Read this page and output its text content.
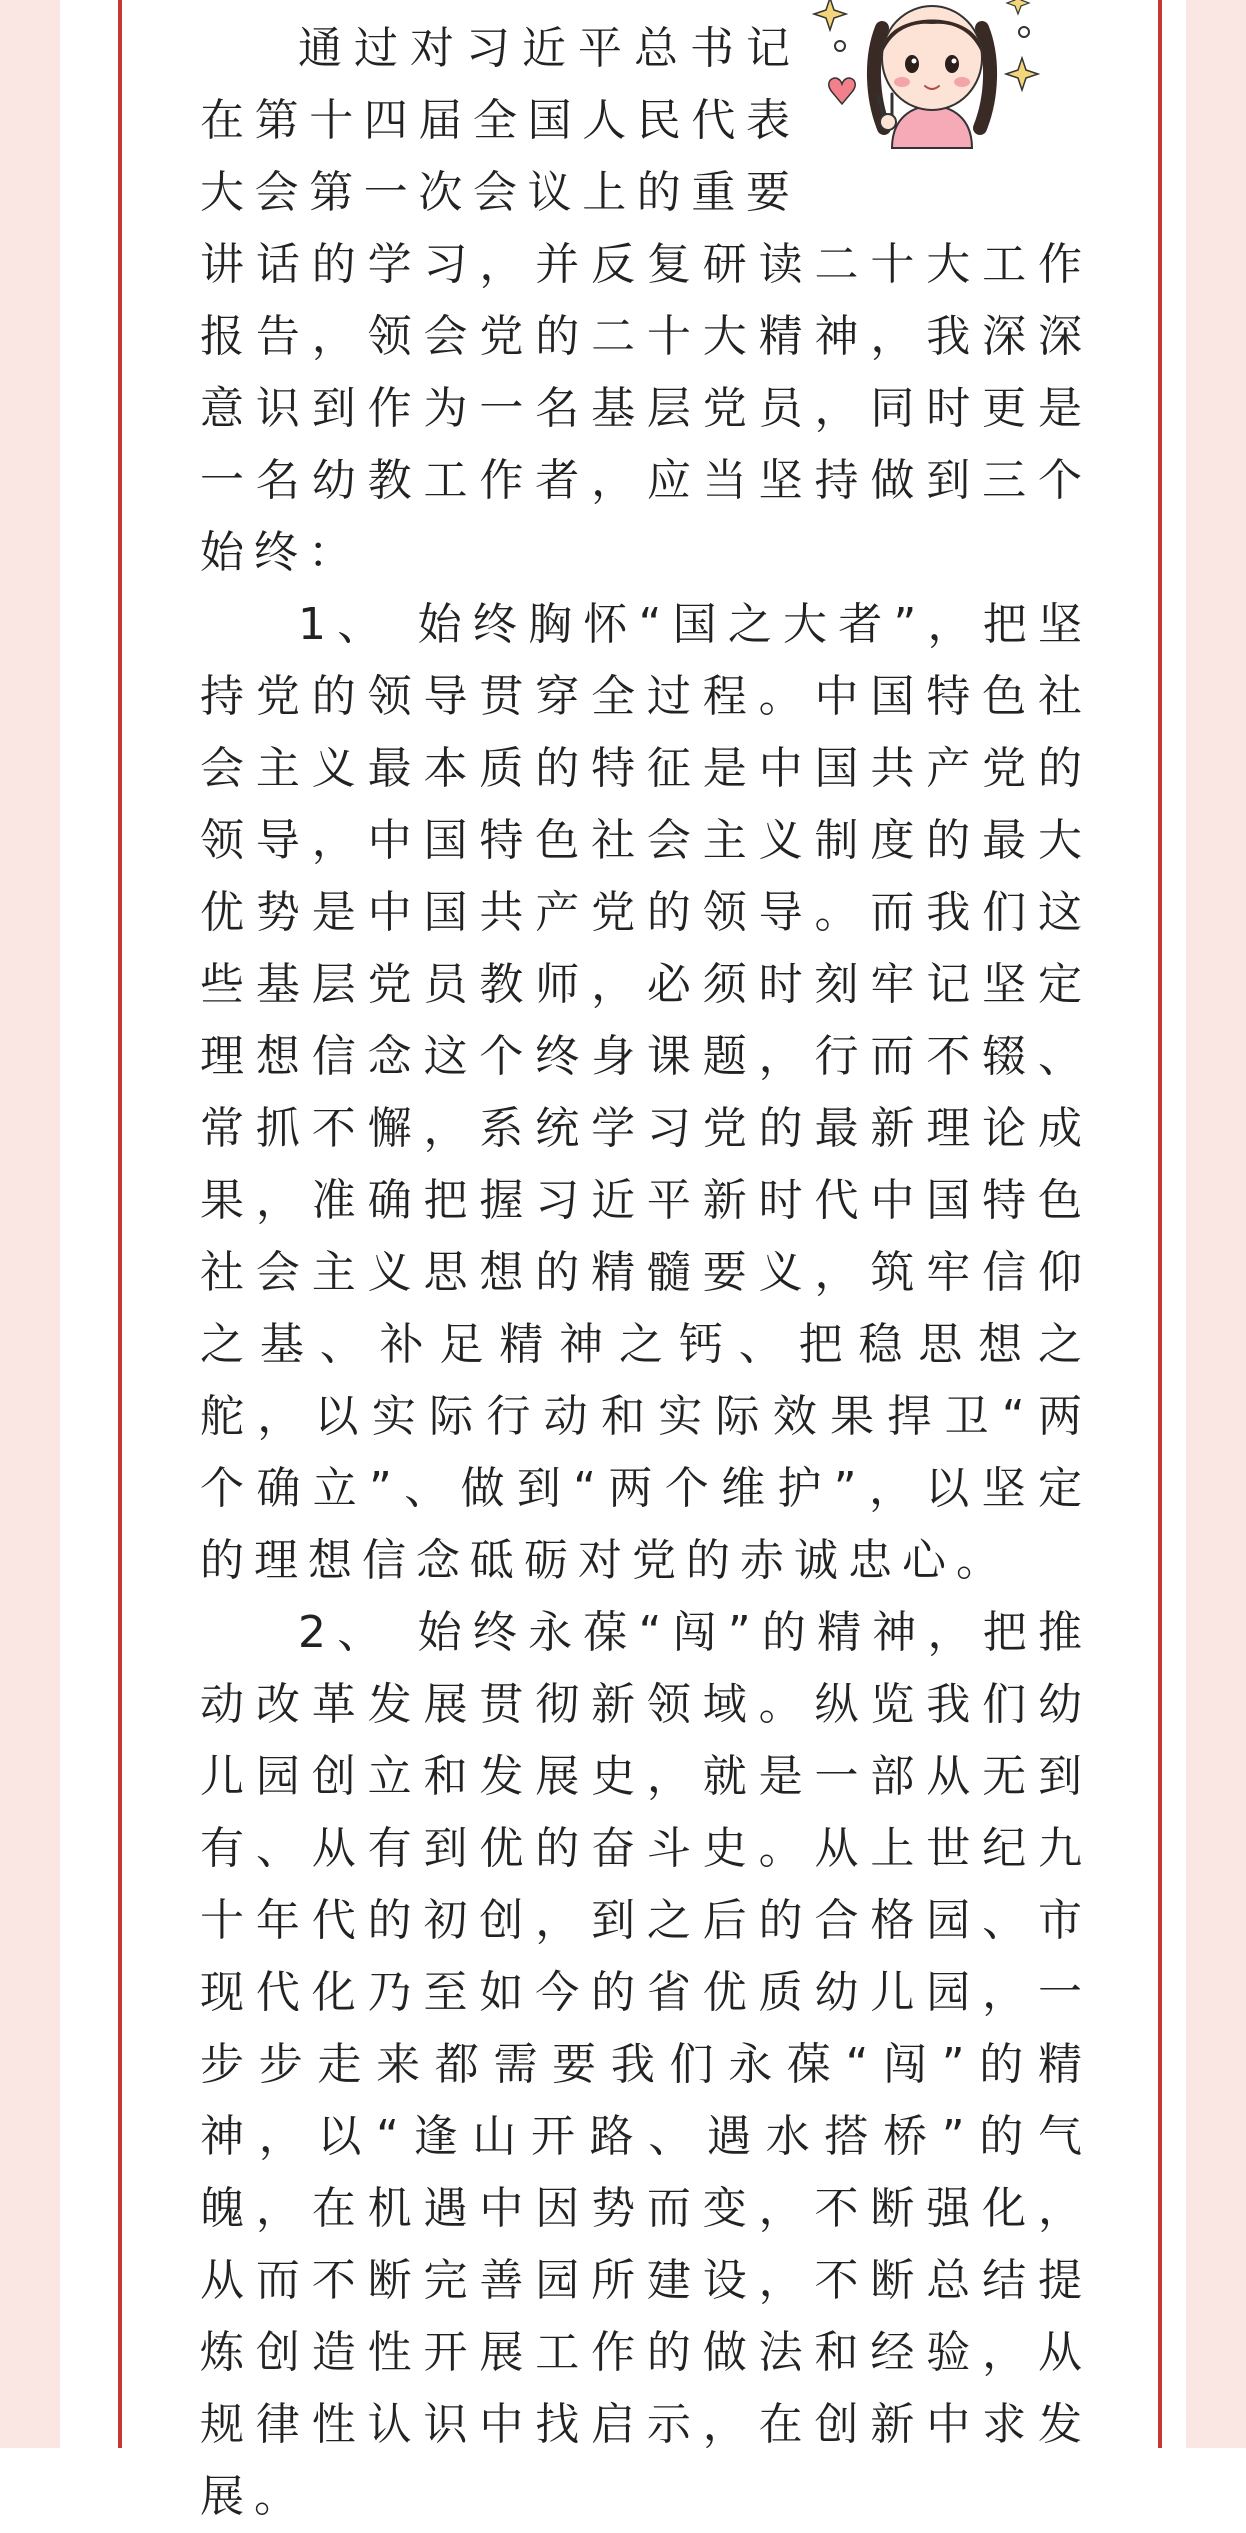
通过对习近平总书记在第十四届全国人民代表大会第一次会议上的重要讲话的学习，并反复研读二十大工作报告，领会党的二十大精神，我深深意识到作为一名基层党员，同时更是一名幼教工作者，应当坚持做到三个始终：

1、 始终胸怀“国之大者”，把坚持党的领导贯穿全过程。中国特色社会主义最本质的特征是中国共产党的领导，中国特色社会主义制度的最大优势是中国共产党的领导。而我们这些基层党员教师，必须时刻牢记坚定理想信念这个终身课题，行而不辍、常抓不懈，系统学习党的最新理论成果，准确把握习近平新时代中国特色社会主义思想的精髓要义，筑牢信仰之基、补足精神之钙、把稳思想之舵，以实际行动和实际效果捍卫“两个确立”、做到“两个维护”，以坚定的理想信念砥砺对党的赤诚忠心。

2、 始终永葆“闯”的精神，把推动改革发展贯彻新领域。纵览我们幼儿园创立和发展史，就是一部从无到有、从有到优的奋斗史。从上世纪九十年代的初创，到之后的合格园、市现代化乃至如今的省优质幼儿园，一步步走来都需要我们永葆“闯”的精神，以“逢山开路、遇水搭桥”的气魄，在机遇中因势而变，不断强化，从而不断完善园所建设，不断总结提炼创造性开展工作的做法和经验，从规律性认识中找启示，在创新中求发展。
